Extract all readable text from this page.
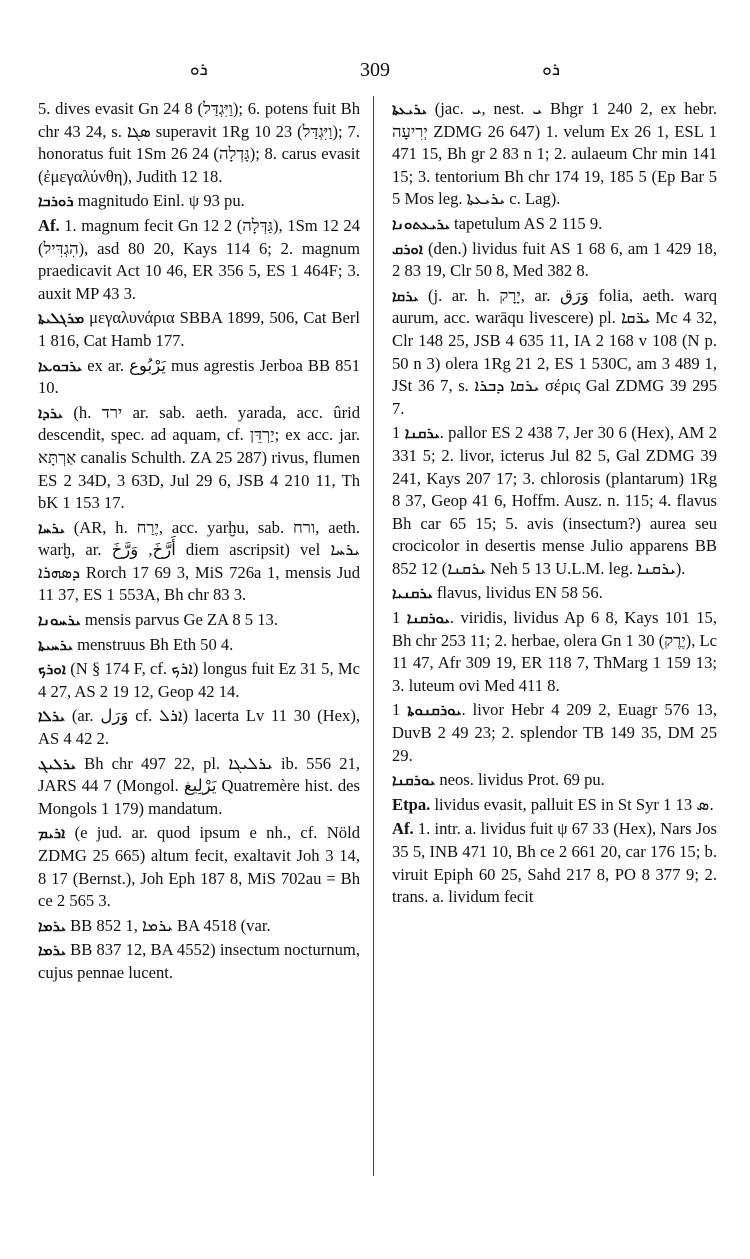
ܪܘ	309	ܪܘ

5. dives evasit Gn 24 8 (וַיִּגְדַּל); 6. potens fuit Bh chr 43 24, s. ܣܓܐ superavit 1Rg 10 23 (וַיִּגְדַּל); 7. honoratus fuit 1Sm 26 24 (גָּדְלָה); 8. carus evasit (ἐμεγαλύνθη), Judith 12 18.

ܪܘܪܒܐ magnitudo Einl. ψ 93 pu.

Af. 1. magnum fecit Gn 12 2 (גַּדְּלָה), 1Sm 12 24 (הִגְדִּיל), asd 80 20, Kays 114 6; 2. magnum praedicavit Act 10 46, ER 356 5, ES 1 464F; 3. auxit MP 43 3.

ܡܪܓܠܝܬܐ μεγαλυνάρια SBBA 1899, 506, Cat Berl 1 816, Cat Hamb 177.

ܝܪܒܘܥܐ ex ar. يَرْبُوع mus agrestis Jerboa BB 851 10.

ܝܪܕܐ (h. ירד ar. sab. aeth. yarada, acc. ûrid descendit, spec. ad aquam, cf. יַרְדֵּן; ex acc. jar. אַרְתָּא canalis Schulth. ZA 25 287) rivus, flumen ES 2 34D, 3 63D, Jul 29 6, JSB 4 210 11, Th bK 1 153 17.

ܝܪܚܐ (AR, h. יֶרַח, acc. yarḫu, sab. ורח, aeth. warḫ, ar. أَرَّخَ, وَرَّخَ diem ascripsit) vel ܝܪܚܐ ܕܣܗܪܐ Rorch 17 69 3, MiS 726a 1, mensis Jud 11 37, ES 1 553A, Bh chr 83 3.

ܝܪܚܘܢܐ mensis parvus Ge ZA 8 5 13.

ܝܪܚܝܬܐ menstruus Bh Eth 50 4.

ܐܘܪܟ (N § 174 F, cf. ܐܪܟ) longus fuit Ez 31 5, Mc 4 27, AS 2 19 12, Geop 42 14.

ܝܪܠܐ (ar. وَرَل cf. ܐܪܠ) lacerta Lv 11 30 (Hex), AS 4 42 2.

ܝܪܠܝܓ Bh chr 497 22, pl. ܝܪܠܝܓܐ ib. 556 21, JARS 44 7 (Mongol. يَرْلِيغ Quatremère hist. des Mongols 1 179) mandatum.

ܐܪܝܡ (e jud. ar. quod ipsum e nh., cf. Nöld ZDMG 25 665) altum fecit, exaltavit Joh 3 14, 8 17 (Bernst.), Joh Eph 187 8, MiS 702au = Bh ce 2 565 3.

ܝܪܡܐ BB 852 1, ܝܪܡܐ BA 4518 (var.

ܝܪܡܐ BB 837 12, BA 4552) insectum nocturnum, cujus pennae lucent.

ܝܪܝܥܬܐ (jac. ܝ, nest. ܝ Bhgr 1 240 2, ex hebr. יְרִיעָה ZDMG 26 647) 1. velum Ex 26 1, ESL 1 471 15, Bh gr 2 83 n 1; 2. aulaeum Chr min 141 15; 3. tentorium Bh chr 174 19, 185 5 (Ep Bar 5 5 Mos leg. ܝܪܝܥܬܐ c. Lag).

ܝܪܝܥܬܘܢܐ tapetulum AS 2 115 9.

ܐܘܪܩ (den.) lividus fuit AS 1 68 6, am 1 429 18, 2 83 19, Clr 50 8, Med 382 8.

ܝܪܩܐ (j. ar. h. יָרָק, ar. وَرَق folia, aeth. warq aurum, acc. warāqu livescere) pl. ܝܪ̈ܩܐ Mc 4 32, Clr 148 25, JSB 4 635 11, IA 2 168 v 108 (N p. 50 n 3) olera 1Rg 21 2, ES 1 530C, am 3 489 1, JSt 36 7, s. ܝܪܩܐ ܕܒܪܐ σέρις Gal ZDMG 39 295 7.

ܝܪܩܢܐ 1. pallor ES 2 438 7, Jer 30 6 (Hex), AM 2 331 5; 2. livor, icterus Jul 82 5, Gal ZDMG 39 241, Kays 207 17; 3. chlorosis (plantarum) 1Rg 8 37, Geop 41 6, Hoffm. Ausz. n. 115; 4. flavus Bh car 65 15; 5. avis (insectum?) aurea seu crocicolor in desertis mense Julio apparens BB 852 12 (ܝܪܩܢܐ Neh 5 13 U.L.M. leg. ܝܪܩܢܐ).

ܝܪܩܢܝܐ flavus, lividus EN 58 56.

ܝܘܪܩܢܐ 1. viridis, lividus Ap 6 8, Kays 101 15, Bh chr 253 11; 2. herbae, olera Gn 1 30 (יֶרֶק), Lc 11 47, Afr 309 19, ER 118 7, ThMarg 1 159 13; 3. luteum ovi Med 411 8.

ܝܘܪܩܢܘܬܐ 1. livor Hebr 4 209 2, Euagr 576 13, DuvB 2 49 23; 2. splendor TB 149 35, DM 25 29.

ܝܘܪܩܢܐ neos. lividus Prot. 69 pu.

Etpa. lividus evasit, palluit ES in St Syr 1 ܣ 13.

Af. 1. intr. a. lividus fuit ψ 67 33 (Hex), Nars Jos 35 5, INB 471 10, Bh ce 2 661 20, car 176 15; b. viruit Epiph 60 25, Sahd 217 8, PO 8 377 9; 2. trans. a. lividum fecit
